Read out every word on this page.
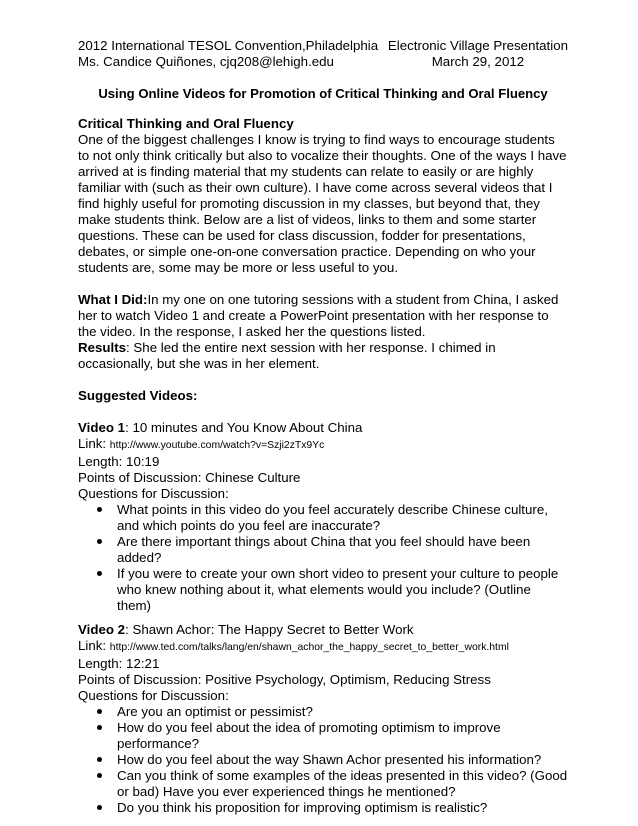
2012 International TESOL Convention,Philadelphia
Ms. Candice Quiñones, cjq208@lehigh.edu
Electronic Village Presentation
March 29, 2012
Using Online Videos for Promotion of Critical Thinking and Oral Fluency
Critical Thinking and Oral Fluency

One of the biggest challenges I know is trying to find ways to encourage students to not only think critically but also to vocalize their thoughts. One of the ways I have arrived at is finding material that my students can relate to easily or are highly familiar with (such as their own culture). I have come across several videos that I find highly useful for promoting discussion in my classes, but beyond that, they make students think. Below are a list of videos, links to them and some starter questions. These can be used for class discussion, fodder for presentations, debates, or simple one-on-one conversation practice. Depending on who your students are, some may be more or less useful to you.

What I Did:In my one on one tutoring sessions with a student from China, I asked her to watch Video 1 and create a PowerPoint presentation with her response to the video. In the response, I asked her the questions listed.

Results: She led the entire next session with her response. I chimed in occasionally, but she was in her element.

Suggested Videos:

Video 1: 10 minutes and You Know About China

Link: http://www.youtube.com/watch?v=Szji2zTx9Yc

Length: 10:19

Points of Discussion: Chinese Culture

Questions for Discussion:

What points in this video do you feel accurately describe Chinese culture, and which points do you feel are inaccurate?
Are there important things about China that you feel should have been added?
If you were to create your own short video to present your culture to people who knew nothing about it, what elements would you include? (Outline them)

Video 2: Shawn Achor: The Happy Secret to Better Work

Link: http://www.ted.com/talks/lang/en/shawn_achor_the_happy_secret_to_better_work.html

Length: 12:21

Points of Discussion: Positive Psychology, Optimism, Reducing Stress

Questions for Discussion:

Are you an optimist or pessimist?
How do you feel about the idea of promoting optimism to improve performance?
How do you feel about the way Shawn Achor presented his information?
Can you think of some examples of the ideas presented in this video? (Good or bad) Have you ever experienced things he mentioned?
Do you think his proposition for improving optimism is realistic?
